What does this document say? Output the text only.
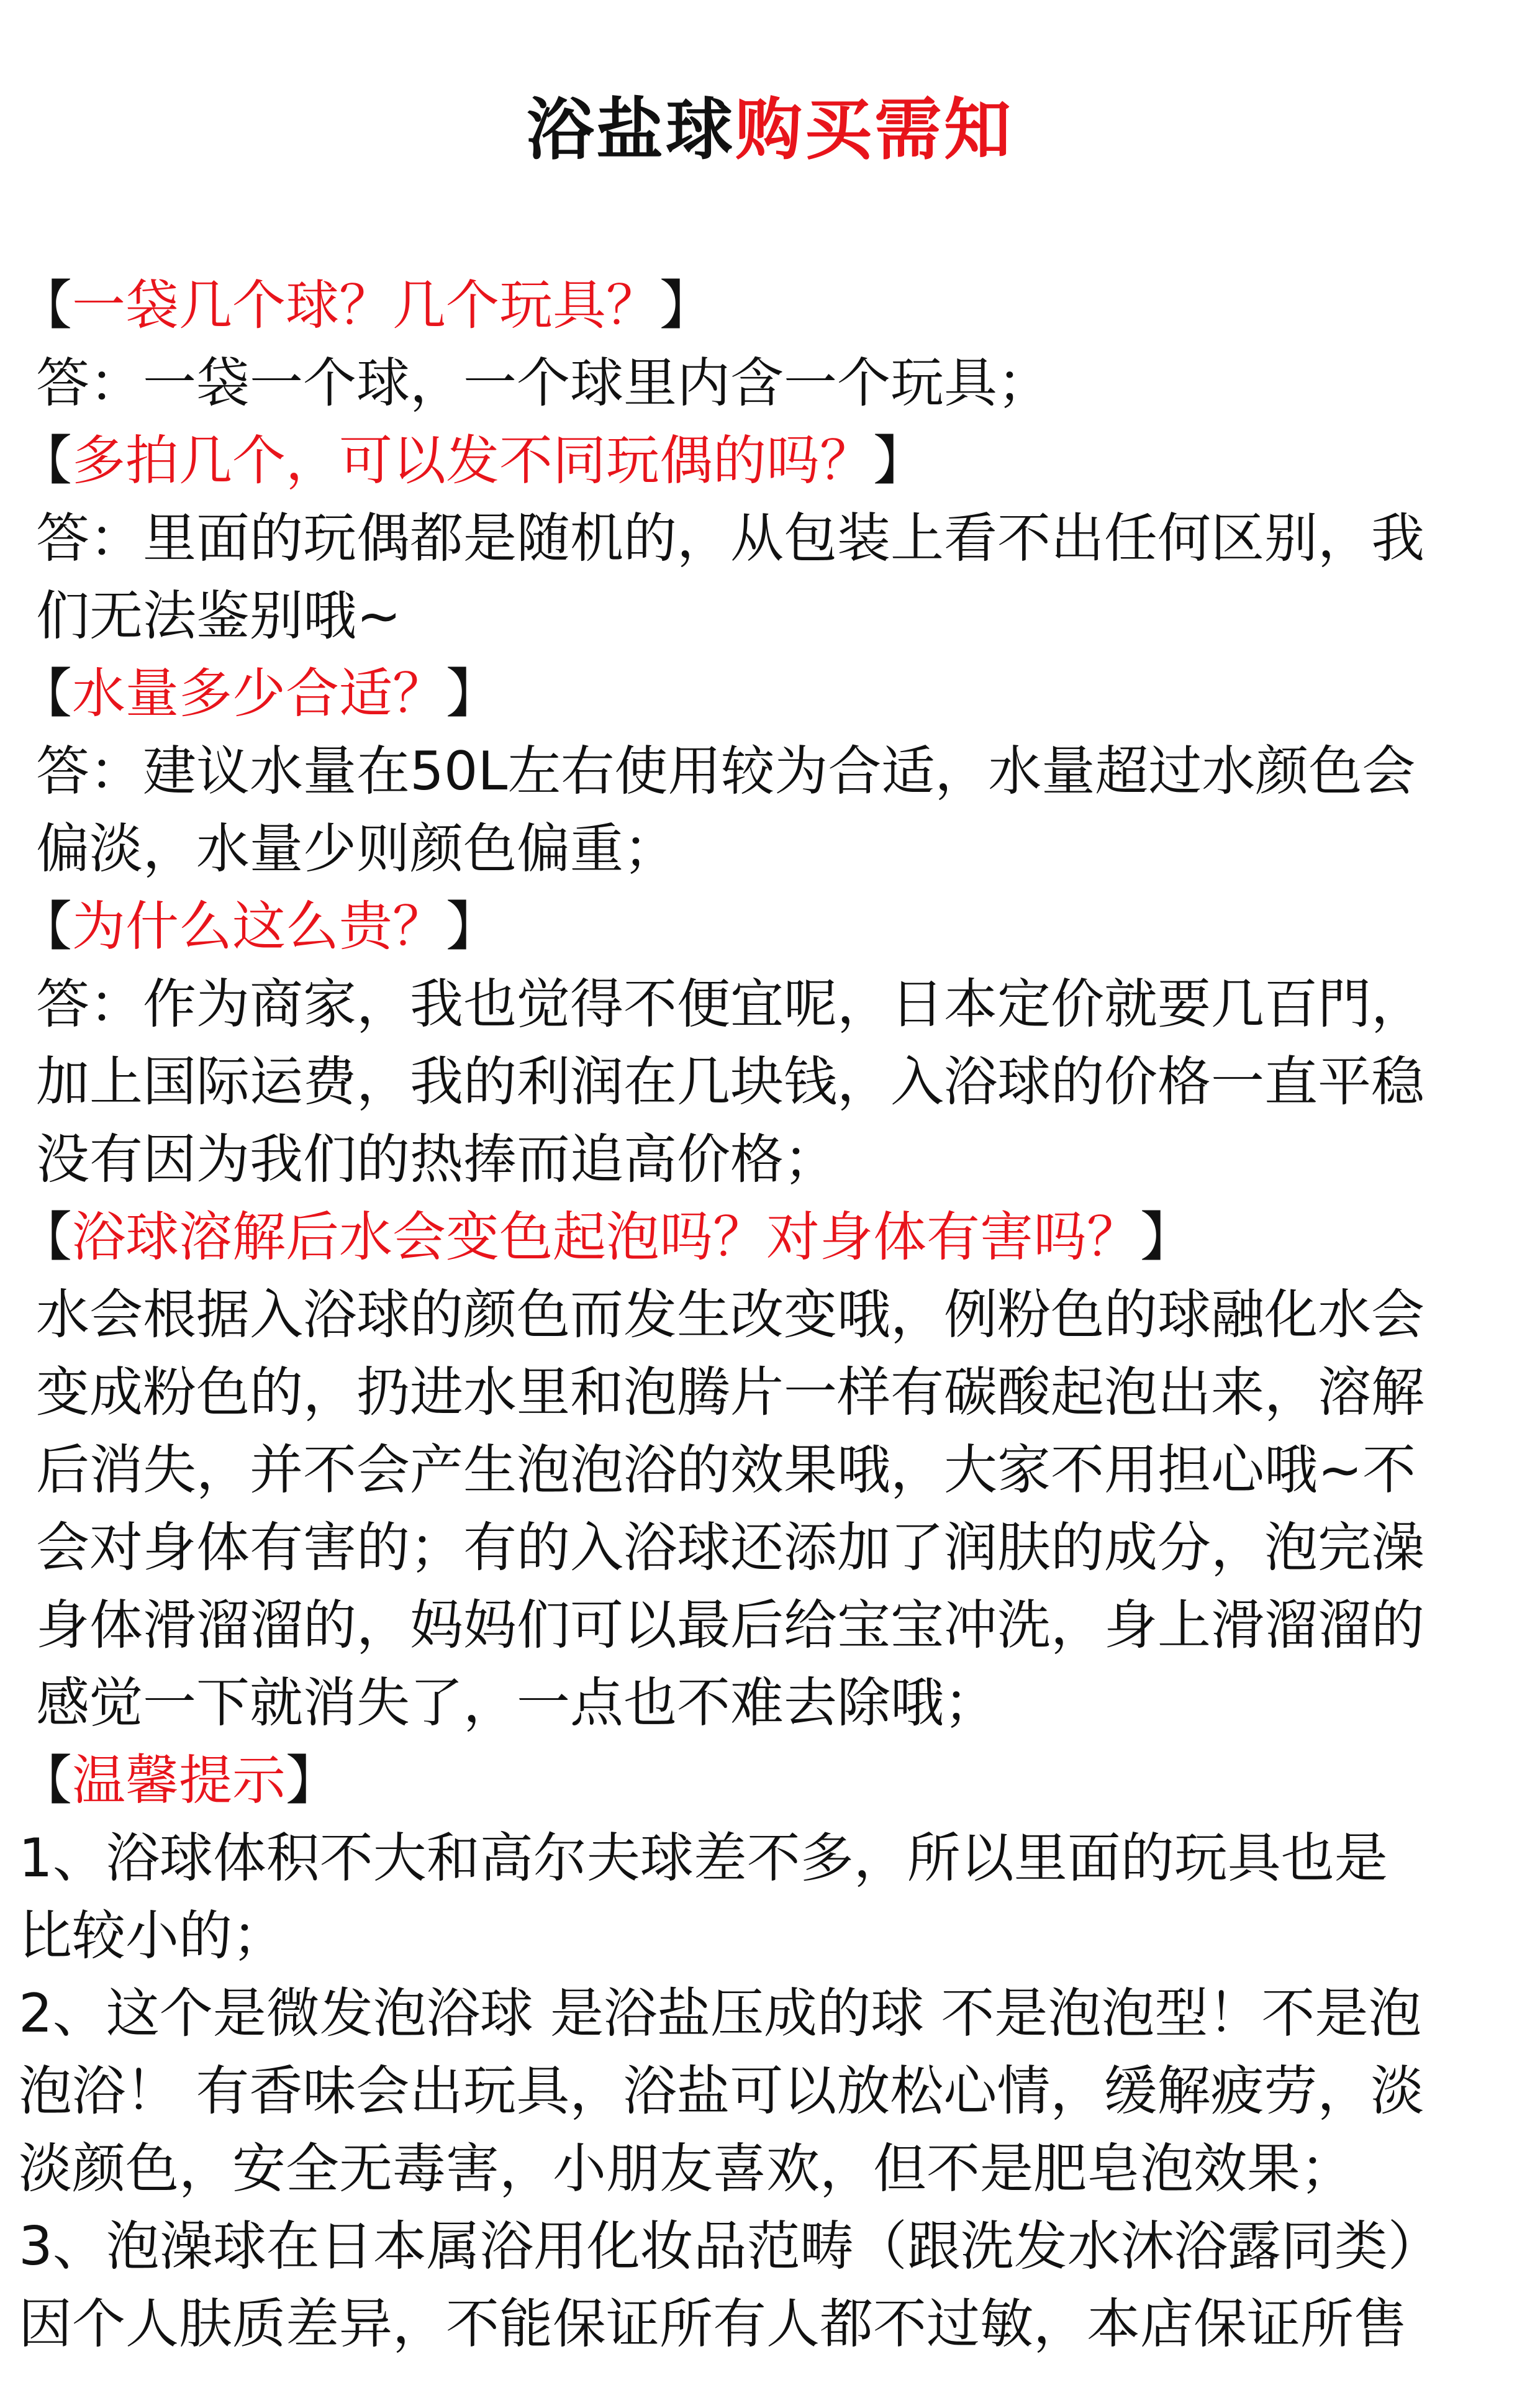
浴盐球购买需知
【一袋几个球？几个玩具？】
答：一袋一个球，一个球里内含一个玩具；
【多拍几个，可以发不同玩偶的吗？】
答：里面的玩偶都是随机的，从包装上看不出任何区别，我
们无法鉴别哦~
【水量多少合适？】
答：建议水量在50L左右使用较为合适，水量超过水颜色会
偏淡，水量少则颜色偏重；
【为什么这么贵？】
答：作为商家，我也觉得不便宜呢，日本定价就要几百門，
加上国际运费，我的利润在几块钱，入浴球的价格一直平稳
没有因为我们的热捧而追高价格；
【浴球溶解后水会变色起泡吗？对身体有害吗？】
水会根据入浴球的颜色而发生改变哦，例粉色的球融化水会
变成粉色的，扔进水里和泡腾片一样有碳酸起泡出来，溶解
后消失，并不会产生泡泡浴的效果哦，大家不用担心哦~不
会对身体有害的；有的入浴球还添加了润肤的成分，泡完澡
身体滑溜溜的，妈妈们可以最后给宝宝冲洗，身上滑溜溜的
感觉一下就消失了，一点也不难去除哦；
【温馨提示】
1、浴球体积不大和高尔夫球差不多，所以里面的玩具也是
比较小的；
2、这个是微发泡浴球 是浴盐压成的球 不是泡泡型！不是泡
泡浴！ 有香味会出玩具，浴盐可以放松心情，缓解疲劳，淡
淡颜色，安全无毒害，小朋友喜欢，但不是肥皂泡效果；
3、泡澡球在日本属浴用化妆品范畴（跟洗发水沐浴露同类）
因个人肤质差异，不能保证所有人都不过敏，本店保证所售
